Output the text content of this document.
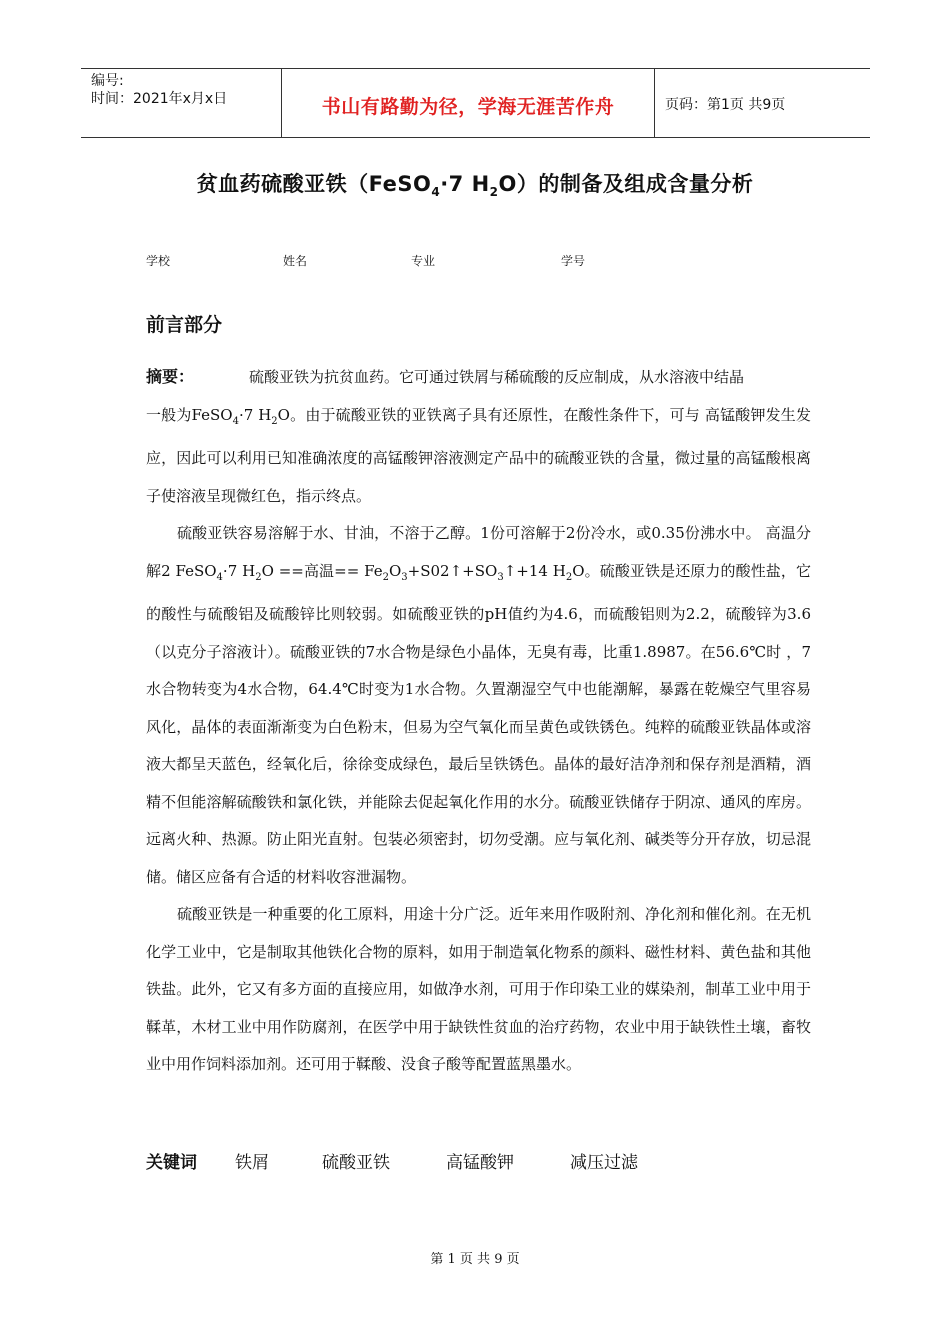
编号:
时间：2021年x月x日	书山有路勤为径，学海无涯苦作舟	页码：第1页 共9页
贫血药硫酸亚铁（FeSO$_4$·7 $H_2O$）的制备及组成含量分析
学校	姓名	专业	学号
前言部分

摘要：	硫酸亚铁为抗贫血药。它可通过铁屑与稀硫酸的反应制成，从水溶液中结晶

一般为FeSO$_4$·7 $H_2O$。由于硫酸亚铁的亚铁离子具有还原性，在酸性条件下，可与 高锰酸钾发生发应，因此可以利用已知准确浓度的高锰酸钾溶液测定产品中的硫酸亚铁的含量，微过量的高锰酸根离子使溶液呈现微红色，指示终点。

硫酸亚铁容易溶解于水、甘油，不溶于乙醇。1份可溶解于2份冷水，或0.35份沸水中。 高温分解2 FeSO$_4$·7 $H_2O$ ==高温== $Fe_2O_3+S02↑+SO_3↑+14$ $H_2O$。硫酸亚铁是还原力的酸性盐，它的酸性与硫酸铝及硫酸锌比则较弱。如硫酸亚铁的pH值约为4.6，而硫酸铝则为2.2，硫酸锌为3.6（以克分子溶液计）。硫酸亚铁的7水合物是绿色小晶体，无臭有毒，比重1.8987。在56.6℃时 ，7水合物转变为4水合物，64.4℃时变为1水合物。久置潮湿空气中也能潮解，暴露在乾燥空气里容易风化，晶体的表面渐渐变为白色粉末，但易为空气氧化而呈黄色或铁锈色。纯粹的硫酸亚铁晶体或溶液大都呈天蓝色，经氧化后，徐徐变成绿色，最后呈铁锈色。晶体的最好洁净剂和保存剂是酒精，酒精不但能溶解硫酸铁和氯化铁，并能除去促起氧化作用的水分。硫酸亚铁储存于阴凉、通风的库房。远离火种、热源。防止阳光直射。包装必须密封，切勿受潮。应与氧化剂、碱类等分开存放，切忌混储。储区应备有合适的材料收容泄漏物。

硫酸亚铁是一种重要的化工原料，用途十分广泛。近年来用作吸附剂、净化剂和催化剂。在无机化学工业中，它是制取其他铁化合物的原料，如用于制造氧化物系的颜料、磁性材料、黄色盐和其他铁盐。此外，它又有多方面的直接应用，如做净水剂，可用于作印染工业的媒染剂，制革工业中用于鞣革，木材工业中用作防腐剂，在医学中用于缺铁性贫血的治疗药物，农业中用于缺铁性土壤，畜牧业中用作饲料添加剂。还可用于鞣酸、没食子酸等配置蓝黑墨水。

关键词 铁屑	硫酸亚铁	高锰酸钾	减压过滤
第 1 页 共 9 页
